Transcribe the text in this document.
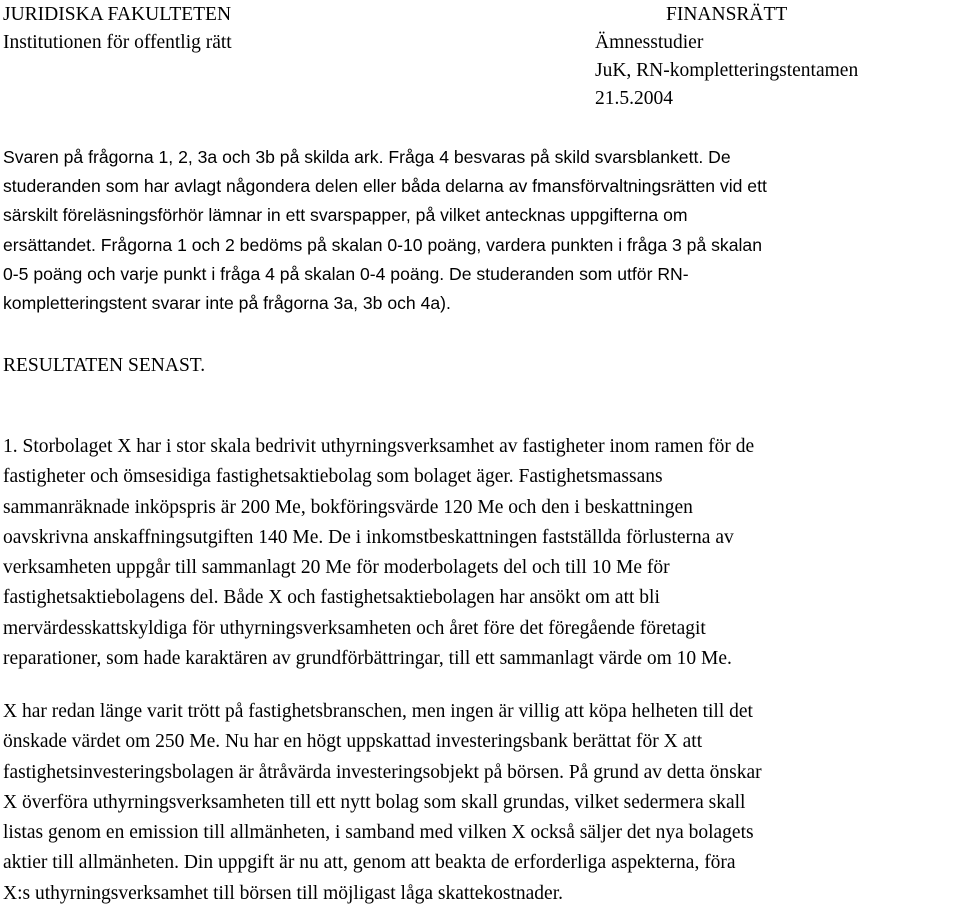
JURIDISKA FAKULTETEN
Institutionen för offentlig rätt
FINANSRÄTT
Ämnesstudier
JuK, RN-kompletteringstentamen
21.5.2004
Svaren på frågorna 1, 2, 3a och 3b på skilda ark. Fråga 4 besvaras på skild svarsblankett. De
studeranden som har avlagt någondera delen eller båda delarna av fmansförvaltningsrätten vid ett
särskilt föreläsningsförhör lämnar in ett svarspapper, på vilket antecknas uppgifterna om
ersättandet. Frågorna 1 och 2 bedöms på skalan 0-10 poäng, vardera punkten i fråga 3 på skalan
0-5 poäng och varje punkt i fråga 4 på skalan 0-4 poäng. De studeranden som utför RN-
kompletteringstent svarar inte på frågorna 3a, 3b och 4a).
RESULTATEN SENAST.
1. Storbolaget X har i stor skala bedrivit uthyrningsverksamhet av fastigheter inom ramen för de
fastigheter och ömsesidiga fastighetsaktiebolag som bolaget äger. Fastighetsmassans
sammanräknade inköpspris är 200 Me, bokföringsvärde 120 Me och den i beskattningen
oavskrivna anskaffningsutgiften 140 Me. De i inkomstbeskattningen fastställda förlusterna av
verksamheten uppgår till sammanlagt 20 Me för moderbolagets del och till 10 Me för
fastighetsaktiebolagens del. Både X och fastighetsaktiebolagen har ansökt om att bli
mervärdesskattskyldiga för uthyrningsverksamheten och året före det föregående företagit
reparationer, som hade karaktären av grundförbättringar, till ett sammanlagt värde om 10 Me.
X har redan länge varit trött på fastighetsbranschen, men ingen är villig att köpa helheten till det
önskade värdet om 250 Me. Nu har en högt uppskattad investeringsbank berättat för X att
fastighetsinvesteringsbolagen är åtråvärda investeringsobjekt på börsen. På grund av detta önskar
X överföra uthyrningsverksamheten till ett nytt bolag som skall grundas, vilket sedermera skall
listas genom en emission till allmänheten, i samband med vilken X också säljer det nya bolagets
aktier till allmänheten. Din uppgift är nu att, genom att beakta de erforderliga aspekterna, föra
X:s uthyrningsverksamhet till börsen till möjligast låga skattekostnader.
